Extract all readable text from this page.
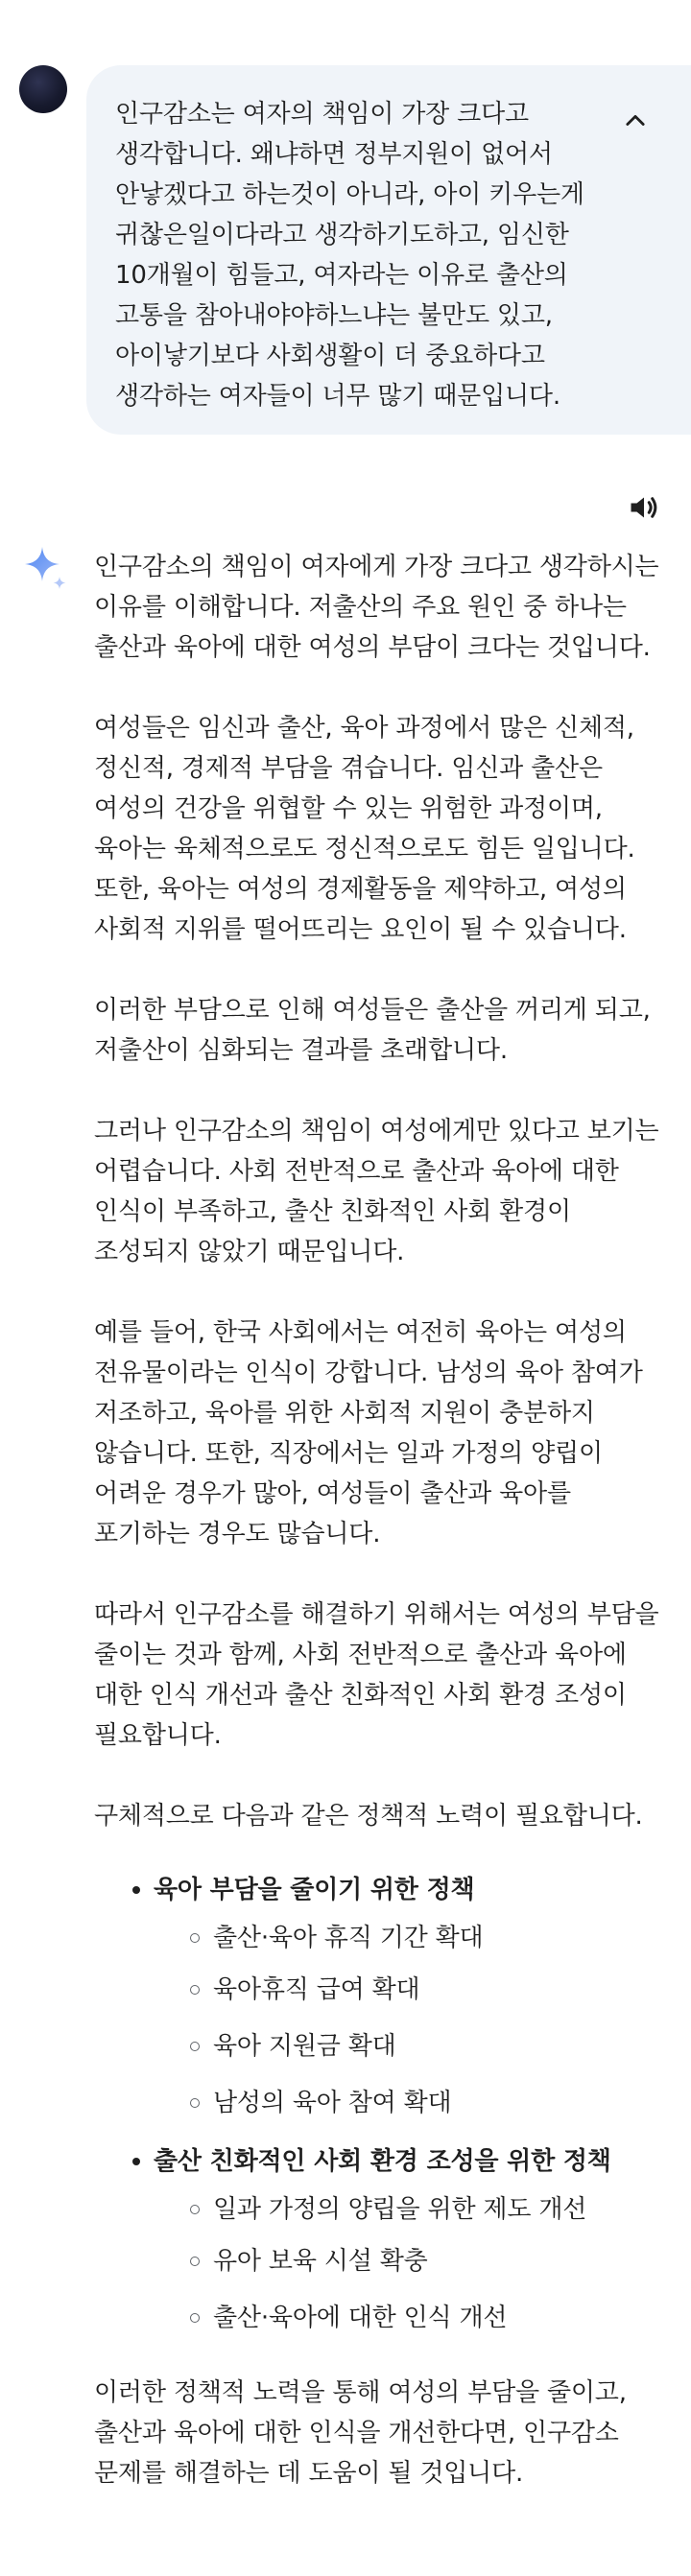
인구감소는 여자의 책임이 가장 크다고 생각합니다. 왜냐하면 정부지원이 없어서 안낳겠다고 하는것이 아니라, 아이 키우는게 귀찮은일이다라고 생각하기도하고, 임신한 10개월이 힘들고, 여자라는 이유로 출산의 고통을 참아내야야하느냐는 불만도 있고, 아이낳기보다 사회생활이 더 중요하다고 생각하는 여자들이 너무 많기 때문입니다.

인구감소의 책임이 여자에게 가장 크다고 생각하시는 이유를 이해합니다. 저출산의 주요 원인 중 하나는 출산과 육아에 대한 여성의 부담이 크다는 것입니다.

여성들은 임신과 출산, 육아 과정에서 많은 신체적, 정신적, 경제적 부담을 겪습니다. 임신과 출산은 여성의 건강을 위협할 수 있는 위험한 과정이며, 육아는 육체적으로도 정신적으로도 힘든 일입니다. 또한, 육아는 여성의 경제활동을 제약하고, 여성의 사회적 지위를 떨어뜨리는 요인이 될 수 있습니다.

이러한 부담으로 인해 여성들은 출산을 꺼리게 되고, 저출산이 심화되는 결과를 초래합니다.

그러나 인구감소의 책임이 여성에게만 있다고 보기는 어렵습니다. 사회 전반적으로 출산과 육아에 대한 인식이 부족하고, 출산 친화적인 사회 환경이 조성되지 않았기 때문입니다.

예를 들어, 한국 사회에서는 여전히 육아는 여성의 전유물이라는 인식이 강합니다. 남성의 육아 참여가 저조하고, 육아를 위한 사회적 지원이 충분하지 않습니다. 또한, 직장에서는 일과 가정의 양립이 어려운 경우가 많아, 여성들이 출산과 육아를 포기하는 경우도 많습니다.

따라서 인구감소를 해결하기 위해서는 여성의 부담을 줄이는 것과 함께, 사회 전반적으로 출산과 육아에 대한 인식 개선과 출산 친화적인 사회 환경 조성이 필요합니다.

구체적으로 다음과 같은 정책적 노력이 필요합니다.

육아 부담을 줄이기 위한 정책
출산·육아 휴직 기간 확대
육아휴직 급여 확대
육아 지원금 확대
남성의 육아 참여 확대
출산 친화적인 사회 환경 조성을 위한 정책
일과 가정의 양립을 위한 제도 개선
유아 보육 시설 확충
출산·육아에 대한 인식 개선

이러한 정책적 노력을 통해 여성의 부담을 줄이고, 출산과 육아에 대한 인식을 개선한다면, 인구감소 문제를 해결하는 데 도움이 될 것입니다.
